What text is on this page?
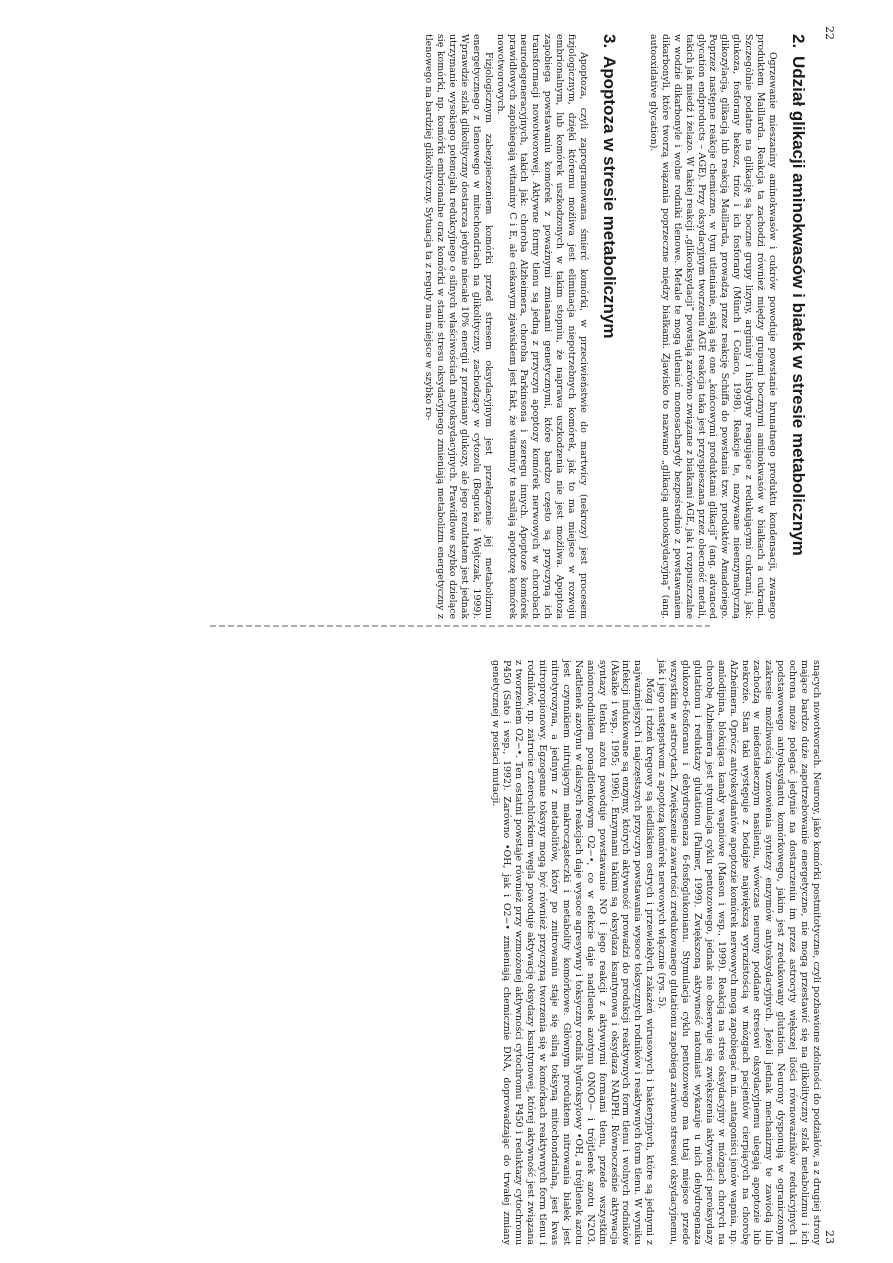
22
2.
Udział glikacji aminokwasów i białek w stresie metabolicznym

Ogrzewanie mieszaniny aminokwasów i cukrów powoduje powstanie brunatnego produktu kondensacji, zwanego produktem Maillarda. Reakcja ta zachodzi również między grupami bocznymi aminokwasów w białkach a cukrami. Szczególnie podatne na glikację są boczne grupy lizyny, argininy i histydyny reagujące z redukującymi cukrami, jak: glukoza, fosforany heksoz, trioz i ich fosforany (Münch i Colaco, 1998). Reakcje te, nazywane nieenzymatyczną glikozylacją, glikacją lub reakcją Maillarda, prowadzą przez reakcję Schiffa do powstania tzw. produktów Amadoriego. Poprzez następne reakcje chemiczne, w tym utlenianie, stają się one „końcowymi produktami glikacji” (ang. advanced glycation endproducts – AGE). Przy oksydacyjnym tworzeniu AGE reakcja taka jest przyspieszana przez obecność metali, takich jak miedź i żelazo. W takiej reakcji „glikooksydacji” powstają zarówno związane z białkami AGE, jak i rozpuszczalne w wodzie dikarbonyle i wolne rodniki tlenowe. Metale te mogą utleniać monosacharydy bezpośrednio z powstawaniem dikarbonyli, które tworzą wiązania poprzeczne między białkami. Zjawisko to nazwano „glikacją autooksydacyjną” (ang. autooxidative glycation).

3.
Apoptoza w stresie metabolicznym

Apoptoza, czyli zaprogramowana śmierć komórki, w przeciwieństwie do martwicy (nekrozy) jest procesem fizjologicznym, dzięki któremu możliwa jest eliminacja niepotrzebnych komórek, jak to ma miejsce w rozwoju embrionalnym, lub komórek uszkodzonych w takim stopniu, że naprawa uszkodzenia nie jest możliwa. Apoptoza zapobiega powstawaniu komórek z poważnymi zmianami genetycznymi, które bardzo często są przyczyną ich transformacji nowotworowej. Aktywne formy tlenu są jedną z przyczyn apoptozy komórek nerwowych w chorobach neurodegeneracyjnych, takich jak: choroba Alzheimera, choroba Parkinsona i szeregu innych. Apoptoze komórek prawidłowych zapobiegają witaminy C i E, ale ciekawym zjawiskiem jest fakt, że witaminy te nasilają apoptozę komórek nowotworowych.

Fizjologicznym zabezpieczeniem komórki przed stresem oksydacyjnym jest przełączenie jej metabolizmu energetycznego z tlenowego w mitochondriach na glikolityczny, zachodzący w cytozolu (Bogucka i Wojtczak, 1999). Wprawdzie szlak glikolityczny dostarcza jedynie niecałe 10% energii z przemiany glukozy, ale jego rezultatem jest jednak utrzymanie wysokiego potencjału redukcyjnego o silnych właściwościach antyoksydacyjnych. Prawidłowe szybko dzielące się komórki, np. komórki embrionalne oraz komórki w stanie stresu oksydacyjnego zmieniają metabolizm energetyczny z tlenowego na bardziej glikolityczny. Sytuacja ta z reguły ma miejsce w szybko ro-

23

snących nowotworach. Neurony, jako komórki postmitotyczne, czyli pozbawione zdolności do podziałów, a z drugiej strony mające bardzo duże zapotrzebowanie energetyczne, nie mogą przestawić się na glikolityczny szlak metabolizmu i ich ochrona może polegać jedynie na dostarczeniu im przez astrocyty większej ilości równoważników redukcyjnych i podstawowego antyoksydantu komórkowego, jakim jest zredukowany glutation. Neurony dysponują w ograniczonym zakresie możliwością wznowienia syntezy enzymów antyoksydacyjnych. Jeżeli jednak mechanizmy te zawiodą lub zachodzą w niedostatecznym nasileniu, wówczas neurony poddane stresowi oksydacyjnemu ulegają apoptozie lub nekrozie. Stan taki występuje z bodajże największą wyrazistością w mózgach pacjentów cierpiących na chorobę Alzheimera. Oprócz antyoksydantów apoptozie komórek nerwowych mogą zapobiegać m.in. antagoniści jonów wapnia, np. amlodipina, blokująca kanały wapniowe (Mason i wsp., 1999). Reakcją na stres oksydacyjny w mózgach chorych na chorobę Alzheimera jest stymulacja cyklu pentozowego, jednak nie obserwuje się zwiększenia aktywności peroksydazy glutationu i reduktazy glutationu (Palmer, 1999). Zwiększoną aktywność natomiast wykazuje u nich dehydrogenaza glukozo-6-fosforanu i dehydrogenaza 6-fosfoglukonianu. Stymulacja cyklu pentozowego ma tutaj miejsce przede wszystkim w astrocytach. Zwiększenie zawartości zredukowanego glutationu zapobiega zarówno stresowi oksydacyjnemu, jak i jego następstwom z apoptozą komórek nerwowych włącznie (rys. 5).

Mózg i rdzeń kręgowy są siedliskiem ostrych i przewlekłych zakażeń wirusowych i bakteryjnych, które są jednymi z najważniejszych i najczęstszych przyczyn powstawania wysoce toksycznych rodników i reaktywnych form tlenu. W wyniku infekcji indukowane są enzymy, których aktywność prowadzi do produkcji reaktywnych form tlenu i wolnych rodników (Akaike i wsp., 1995; 1996). Enzymami takimi są oksydaza ksantynowa i oksydaza NADPH. Równocześnie aktywacja syntazy tlenku azotu powoduje powstawanie NO i jego reakcji z aktywnymi formami tlenu, przede wszystkim anionorodnikiem ponadtlenkowym O2−•, co w efekcie daje nadtlenek azotynu ONOO− i trójtlenek azotu N2O3. Nadtlenek azotynu w dalszych reakcjach daje wysoce agresywny i toksyczny rodnik hydroksylowy •OH, a trójtlenek azotu jest czynnikiem nitrującym makrocząsteczki i metabolity komórkowe. Głównym produktem nitrowania białek jest nitrotyrozyna, a jednym z metabolitów, który po znitrowaniu staje się silną toksyną mitochondrialną, jest kwas nitropropionowy. Egzogenne toksyny mogą być również przyczyną tworzenia się w komórkach reaktywnych form tlenu i rodników, np. zatrucie czterochlorkiem węgla powoduje aktywację oksydazy ksantynowej, której aktywność jest związana z tworzeniem O2−•. Ten ostatni powstaje również przy wzmożonej aktywności cytochromu P450 i reduktazy cytochromu P450 (Sato i wsp., 1992). Zarówno •OH, jak i O2−• zmieniają chemicznie DNA, doprowadzając do trwałej zmiany genetycznej w postaci mutacji.
